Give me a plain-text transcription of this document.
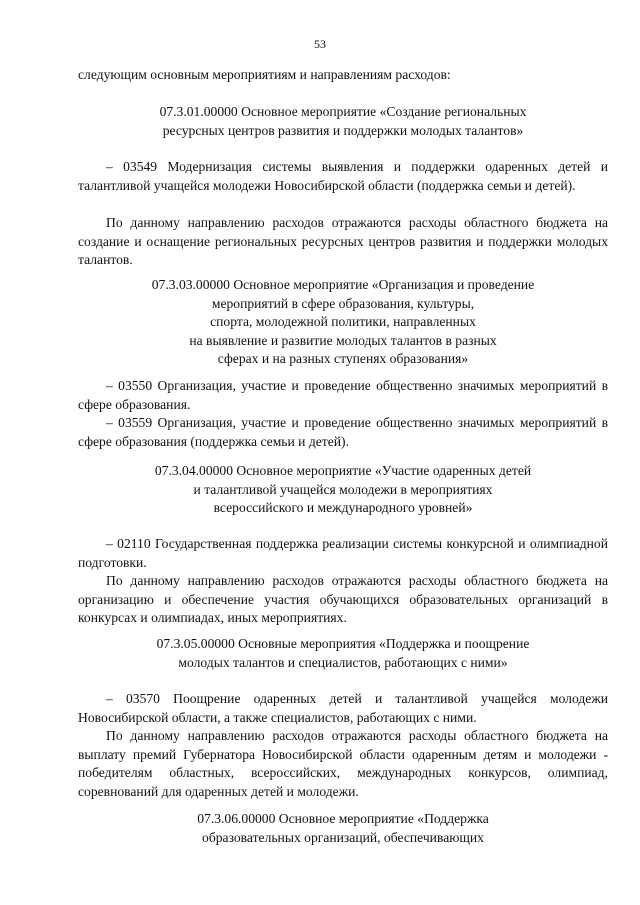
53
следующим основным мероприятиям и направлениям расходов:
07.3.01.00000 Основное мероприятие «Создание региональных
ресурсных центров развития и поддержки молодых талантов»
– 03549 Модернизация системы выявления и поддержки одаренных детей и талантливой учащейся молодежи Новосибирской области (поддержка семьи и детей).
По данному направлению расходов отражаются расходы областного бюджета на создание и оснащение региональных ресурсных центров развития и поддержки молодых талантов.
07.3.03.00000 Основное мероприятие «Организация и проведение
мероприятий в сфере образования, культуры,
спорта, молодежной политики, направленных
на выявление и развитие молодых талантов в разных
сферах и на разных ступенях образования»
– 03550 Организация, участие и проведение общественно значимых мероприятий в сфере образования.
– 03559 Организация, участие и проведение общественно значимых мероприятий в сфере образования (поддержка семьи и детей).
07.3.04.00000 Основное мероприятие «Участие одаренных детей
и талантливой учащейся молодежи в мероприятиях
всероссийского и международного уровней»
– 02110 Государственная поддержка реализации системы конкурсной и олимпиадной подготовки.
По данному направлению расходов отражаются расходы областного бюджета на организацию и обеспечение участия обучающихся образовательных организаций в конкурсах и олимпиадах, иных мероприятиях.
07.3.05.00000 Основные мероприятия «Поддержка и поощрение
молодых талантов и специалистов, работающих с ними»
– 03570 Поощрение одаренных детей и талантливой учащейся молодежи Новосибирской области, а также специалистов, работающих с ними.
По данному направлению расходов отражаются расходы областного бюджета на выплату премий Губернатора Новосибирской области одаренным детям и молодежи - победителям областных, всероссийских, международных конкурсов, олимпиад, соревнований для одаренных детей и молодежи.
07.3.06.00000 Основное мероприятие «Поддержка
образовательных организаций, обеспечивающих
